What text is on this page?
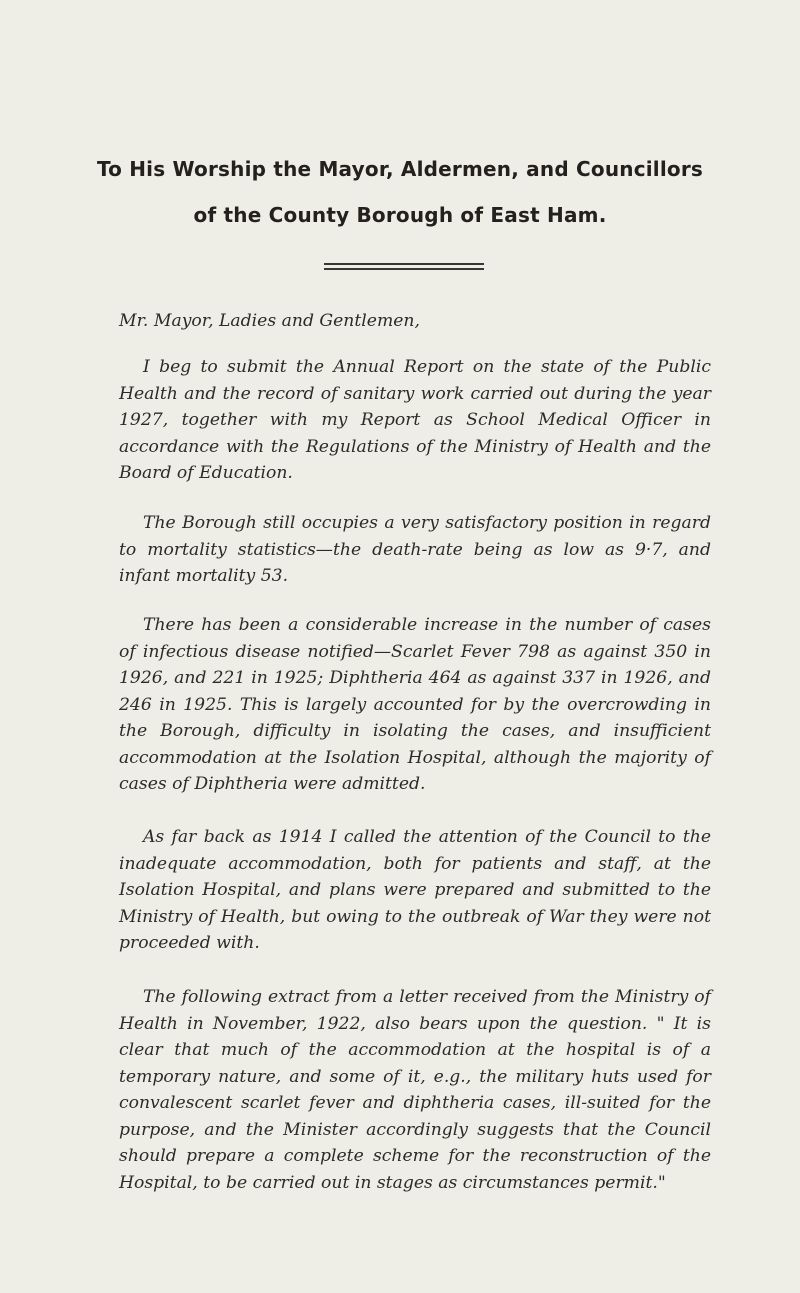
To His Worship the Mayor, Aldermen, and Councillors
of the County Borough of East Ham.
Mr. Mayor, Ladies and Gentlemen,

I beg to submit the Annual Report on the state of the Public Health and the record of sanitary work carried out during the year 1927, together with my Report as School Medical Officer in accordance with the Regulations of the Ministry of Health and the Board of Education.

The Borough still occupies a very satisfactory position in regard to mortality statistics—the death-rate being as low as 9·7, and infant mortality 53.

There has been a considerable increase in the number of cases of infectious disease notified—Scarlet Fever 798 as against 350 in 1926, and 221 in 1925; Diphtheria 464 as against 337 in 1926, and 246 in 1925. This is largely accounted for by the overcrowding in the Borough, difficulty in isolating the cases, and insufficient accommodation at the Isolation Hospital, although the majority of cases of Diphtheria were admitted.

As far back as 1914 I called the attention of the Council to the inadequate accommodation, both for patients and staff, at the Isolation Hospital, and plans were prepared and submitted to the Ministry of Health, but owing to the outbreak of War they were not proceeded with.

The following extract from a letter received from the Ministry of Health in November, 1922, also bears upon the question. " It is clear that much of the accommodation at the hospital is of a temporary nature, and some of it, e.g., the military huts used for convalescent scarlet fever and diphtheria cases, ill-suited for the purpose, and the Minister accordingly suggests that the Council should prepare a complete scheme for the reconstruction of the Hospital, to be carried out in stages as circumstances permit."
